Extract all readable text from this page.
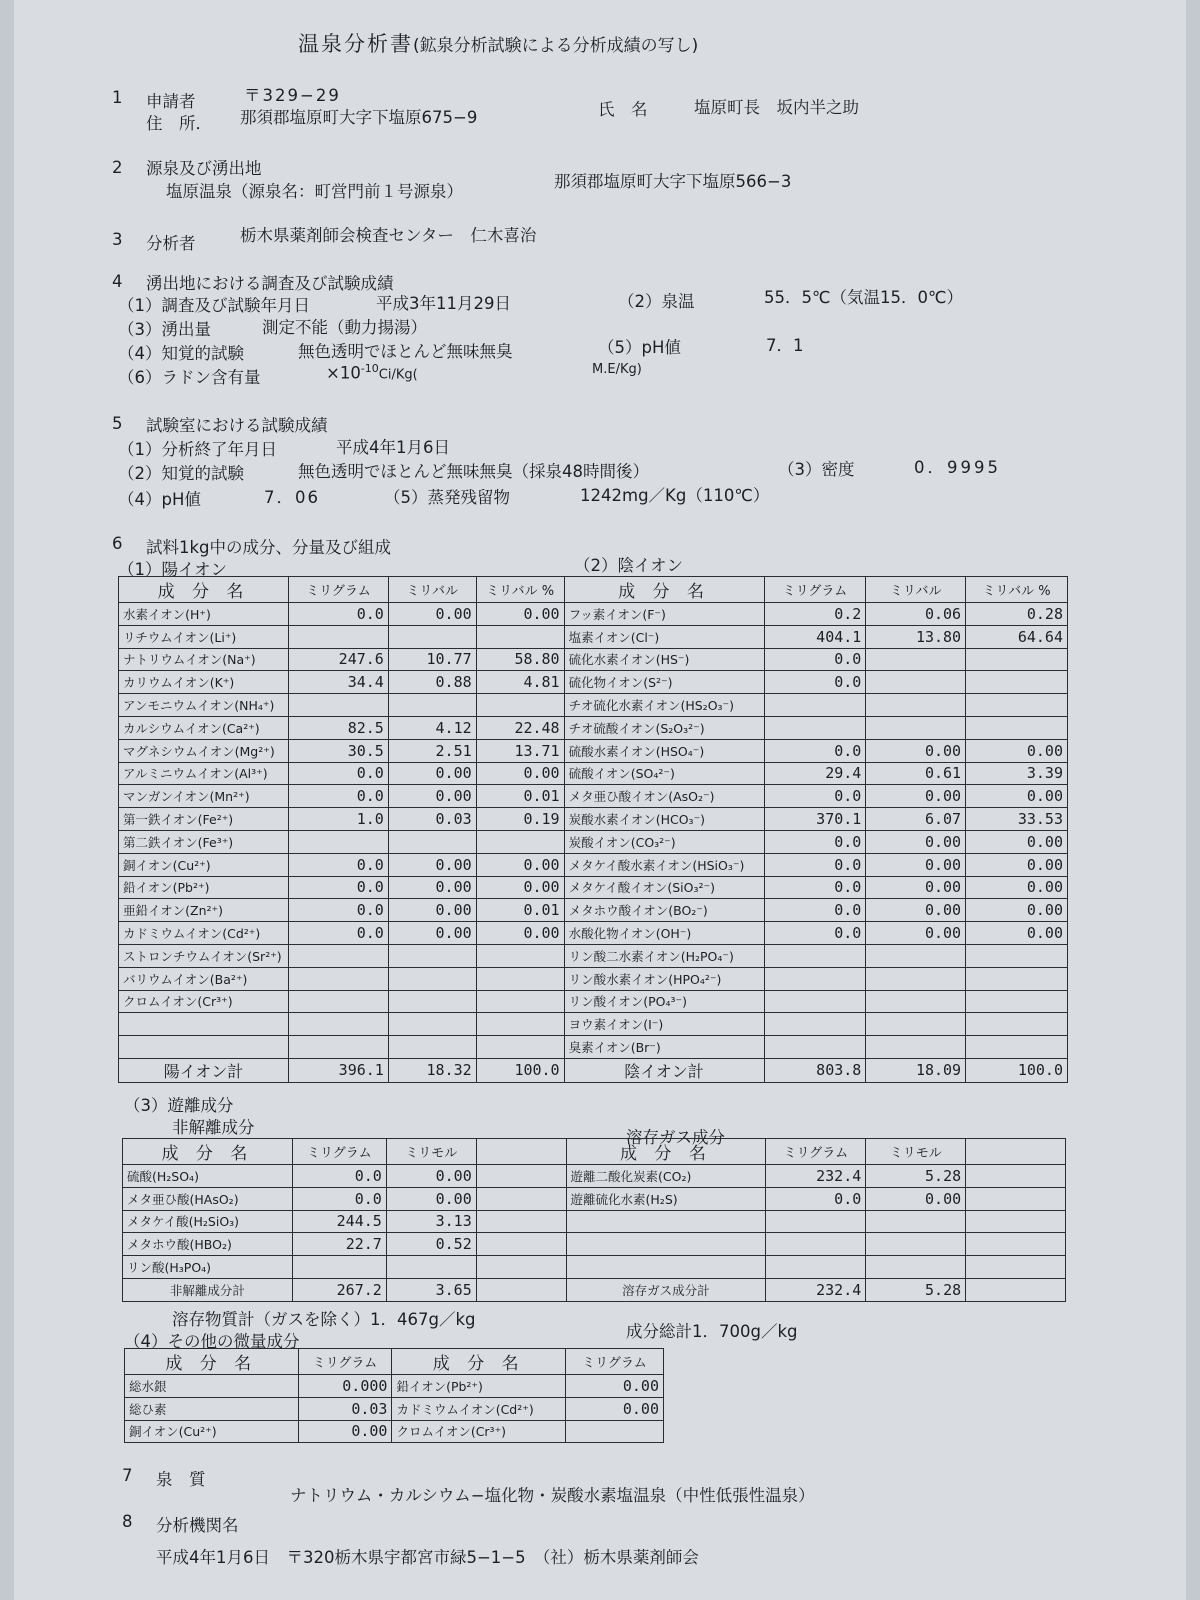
温泉分析書(鉱泉分析試験による分析成績の写し)
1 申請者	〒329−29
住　所． 那須郡塩原町大字下塩原675−9	氏　名	塩原町長　坂内半之助
2 源泉及び湧出地
塩原温泉（源泉名：町営門前１号源泉）
那須郡塩原町大字下塩原566−3
3 分析者	栃木県薬剤師会検査センター　仁木喜治
4 湧出地における調査及び試験成績
（1）調査及び試験年月日	平成3年11月29日	（2）泉温	55．5℃（気温15．0℃）
（3）湧出量	測定不能（動力揚湯）
（4）知覚的試験	無色透明でほとんど無味無臭	（5）pH値	7．1
（6）ラドン含有量	$\times 10^{-10}Ci/Kg$(	M.E/Kg)
5 試験室における試験成績
（1）分析終了年月日	平成4年1月6日
（2）知覚的試験	無色透明でほとんど無味無臭（採泉48時間後）	（3）密度	0．9995
（4）pH値	7．06	（5）蒸発残留物	1242mg／Kg（110℃）
6 試料1kg中の成分、分量及び組成
（1）陽イオン	（2）陰イオン
成 分 名	ミリグラム	ミリバル	ミリバル %	成 分 名	ミリグラム	ミリバル	ミリバル %
水素イオン(H⁺)	0.0	0.00	0.00	フッ素イオン(F⁻)	0.2	0.06	0.28
リチウムイオン(Li⁺)				塩素イオン(Cl⁻)	404.1	13.80	64.64
ナトリウムイオン(Na⁺)	247.6	10.77	58.80	硫化水素イオン(HS⁻)	0.0		
カリウムイオン(K⁺)	34.4	0.88	4.81	硫化物イオン(S²⁻)	0.0		
アンモニウムイオン(NH₄⁺)				チオ硫化水素イオン(HS₂O₃⁻)			
カルシウムイオン(Ca²⁺)	82.5	4.12	22.48	チオ硫酸イオン(S₂O₃²⁻)			
マグネシウムイオン(Mg²⁺)	30.5	2.51	13.71	硫酸水素イオン(HSO₄⁻)	0.0	0.00	0.00
アルミニウムイオン(Al³⁺)	0.0	0.00	0.00	硫酸イオン(SO₄²⁻)	29.4	0.61	3.39
マンガンイオン(Mn²⁺)	0.0	0.00	0.01	メタ亜ひ酸イオン(AsO₂⁻)	0.0	0.00	0.00
第一鉄イオン(Fe²⁺)	1.0	0.03	0.19	炭酸水素イオン(HCO₃⁻)	370.1	6.07	33.53
第二鉄イオン(Fe³⁺)				炭酸イオン(CO₃²⁻)	0.0	0.00	0.00
銅イオン(Cu²⁺)	0.0	0.00	0.00	メタケイ酸水素イオン(HSiO₃⁻)	0.0	0.00	0.00
鉛イオン(Pb²⁺)	0.0	0.00	0.00	メタケイ酸イオン(SiO₃²⁻)	0.0	0.00	0.00
亜鉛イオン(Zn²⁺)	0.0	0.00	0.01	メタホウ酸イオン(BO₂⁻)	0.0	0.00	0.00
カドミウムイオン(Cd²⁺)	0.0	0.00	0.00	水酸化物イオン(OH⁻)	0.0	0.00	0.00
ストロンチウムイオン(Sr²⁺)				リン酸二水素イオン(H₂PO₄⁻)			
バリウムイオン(Ba²⁺)				リン酸水素イオン(HPO₄²⁻)			
クロムイオン(Cr³⁺)				リン酸イオン(PO₄³⁻)			
				ヨウ素イオン(I⁻)			
				臭素イオン(Br⁻)			
陽イオン計	396.1	18.32	100.0	陰イオン計	803.8	18.09	100.0
（3）遊離成分
非解離成分
溶存ガス成分
成 分 名	ミリグラム	ミリモル		成 分 名	ミリグラム	ミリモル	
硫酸(H₂SO₄)	0.0	0.00		遊離二酸化炭素(CO₂)	232.4	5.28	
メタ亜ひ酸(HAsO₂)	0.0	0.00		遊離硫化水素(H₂S)	0.0	0.00	
メタケイ酸(H₂SiO₃)	244.5	3.13					
メタホウ酸(HBO₂)	22.7	0.52					
リン酸(H₃PO₄)							
非解離成分計	267.2	3.65		溶存ガス成分計	232.4	5.28	
溶存物質計（ガスを除く）1．467g／kg
成分総計1．700g／kg
（4）その他の微量成分
成 分 名	ミリグラム	成 分 名	ミリグラム
総水銀	0.000	鉛イオン(Pb²⁺)	0.00
総ひ素	0.03	カドミウムイオン(Cd²⁺)	0.00
銅イオン(Cu²⁺)	0.00	クロムイオン(Cr³⁺)	
7 泉　質
ナトリウム・カルシウム−塩化物・炭酸水素塩温泉（中性低張性温泉）
8 分析機関名
平成4年1月6日　〒320栃木県宇都宮市緑5−1−5　（社）栃木県薬剤師会
